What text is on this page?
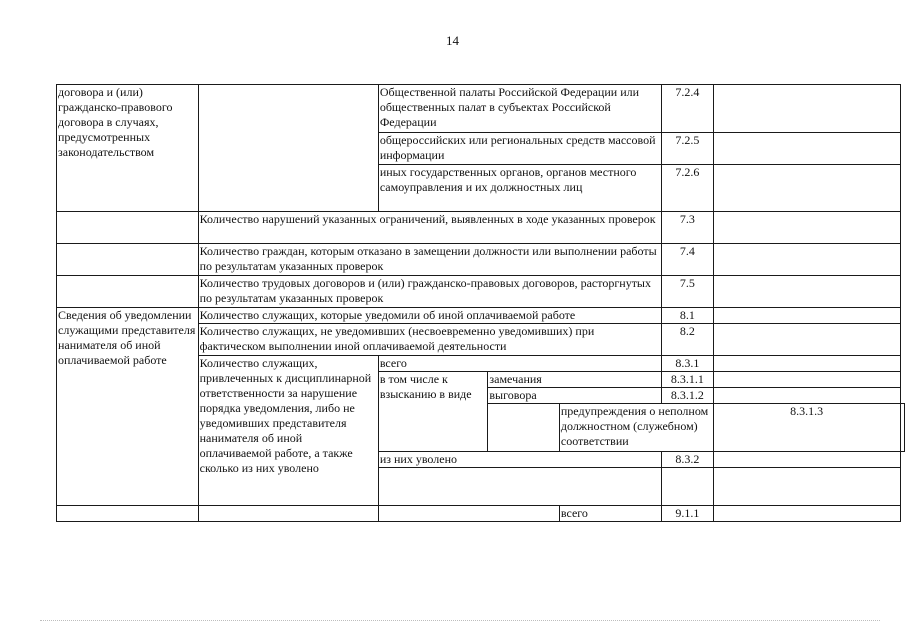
14
договора и (или) гражданско-правового договора в случаях, предусмотренных законодательством		Общественной палаты Российской Федерации или общественных палат в субъектах Российской Федерации			7.2.4		
		общероссийских или региональных средств массовой информации			7.2.5		
		иных государственных органов, органов местного самоуправления и их должностных лиц			7.2.6		
	Количество нарушений указанных ограничений, выявленных в ходе указанных проверок				7.3		
	Количество граждан, которым отказано в замещении должности или выполнении работы по результатам указанных проверок				7.4		
	Количество трудовых договоров и (или) гражданско-правовых договоров, расторгнутых по результатам указанных проверок				7.5		
Сведения об уведомлении служащими представителя нанимателя об иной оплачиваемой работе	Количество служащих, которые уведомили об иной оплачиваемой работе				8.1		
	Количество служащих, не уведомивших (несвоевременно уведомивших) при фактическом выполнении иной оплачиваемой деятельности				8.2		
	Количество служащих, привлеченных к дисциплинарной ответственности за нарушение порядка уведомления, либо не уведомивших представителя нанимателя об иной оплачиваемой работе, а также сколько из них уволено	всего			8.3.1		
		в том числе к взысканию в виде	замечания		8.3.1.1		
			выговора		8.3.1.2		
				предупреждения о неполном должностном (служебном) соответствии		8.3.1.3	
		из них уволено			8.3.2		

				всего	9.1.1		
